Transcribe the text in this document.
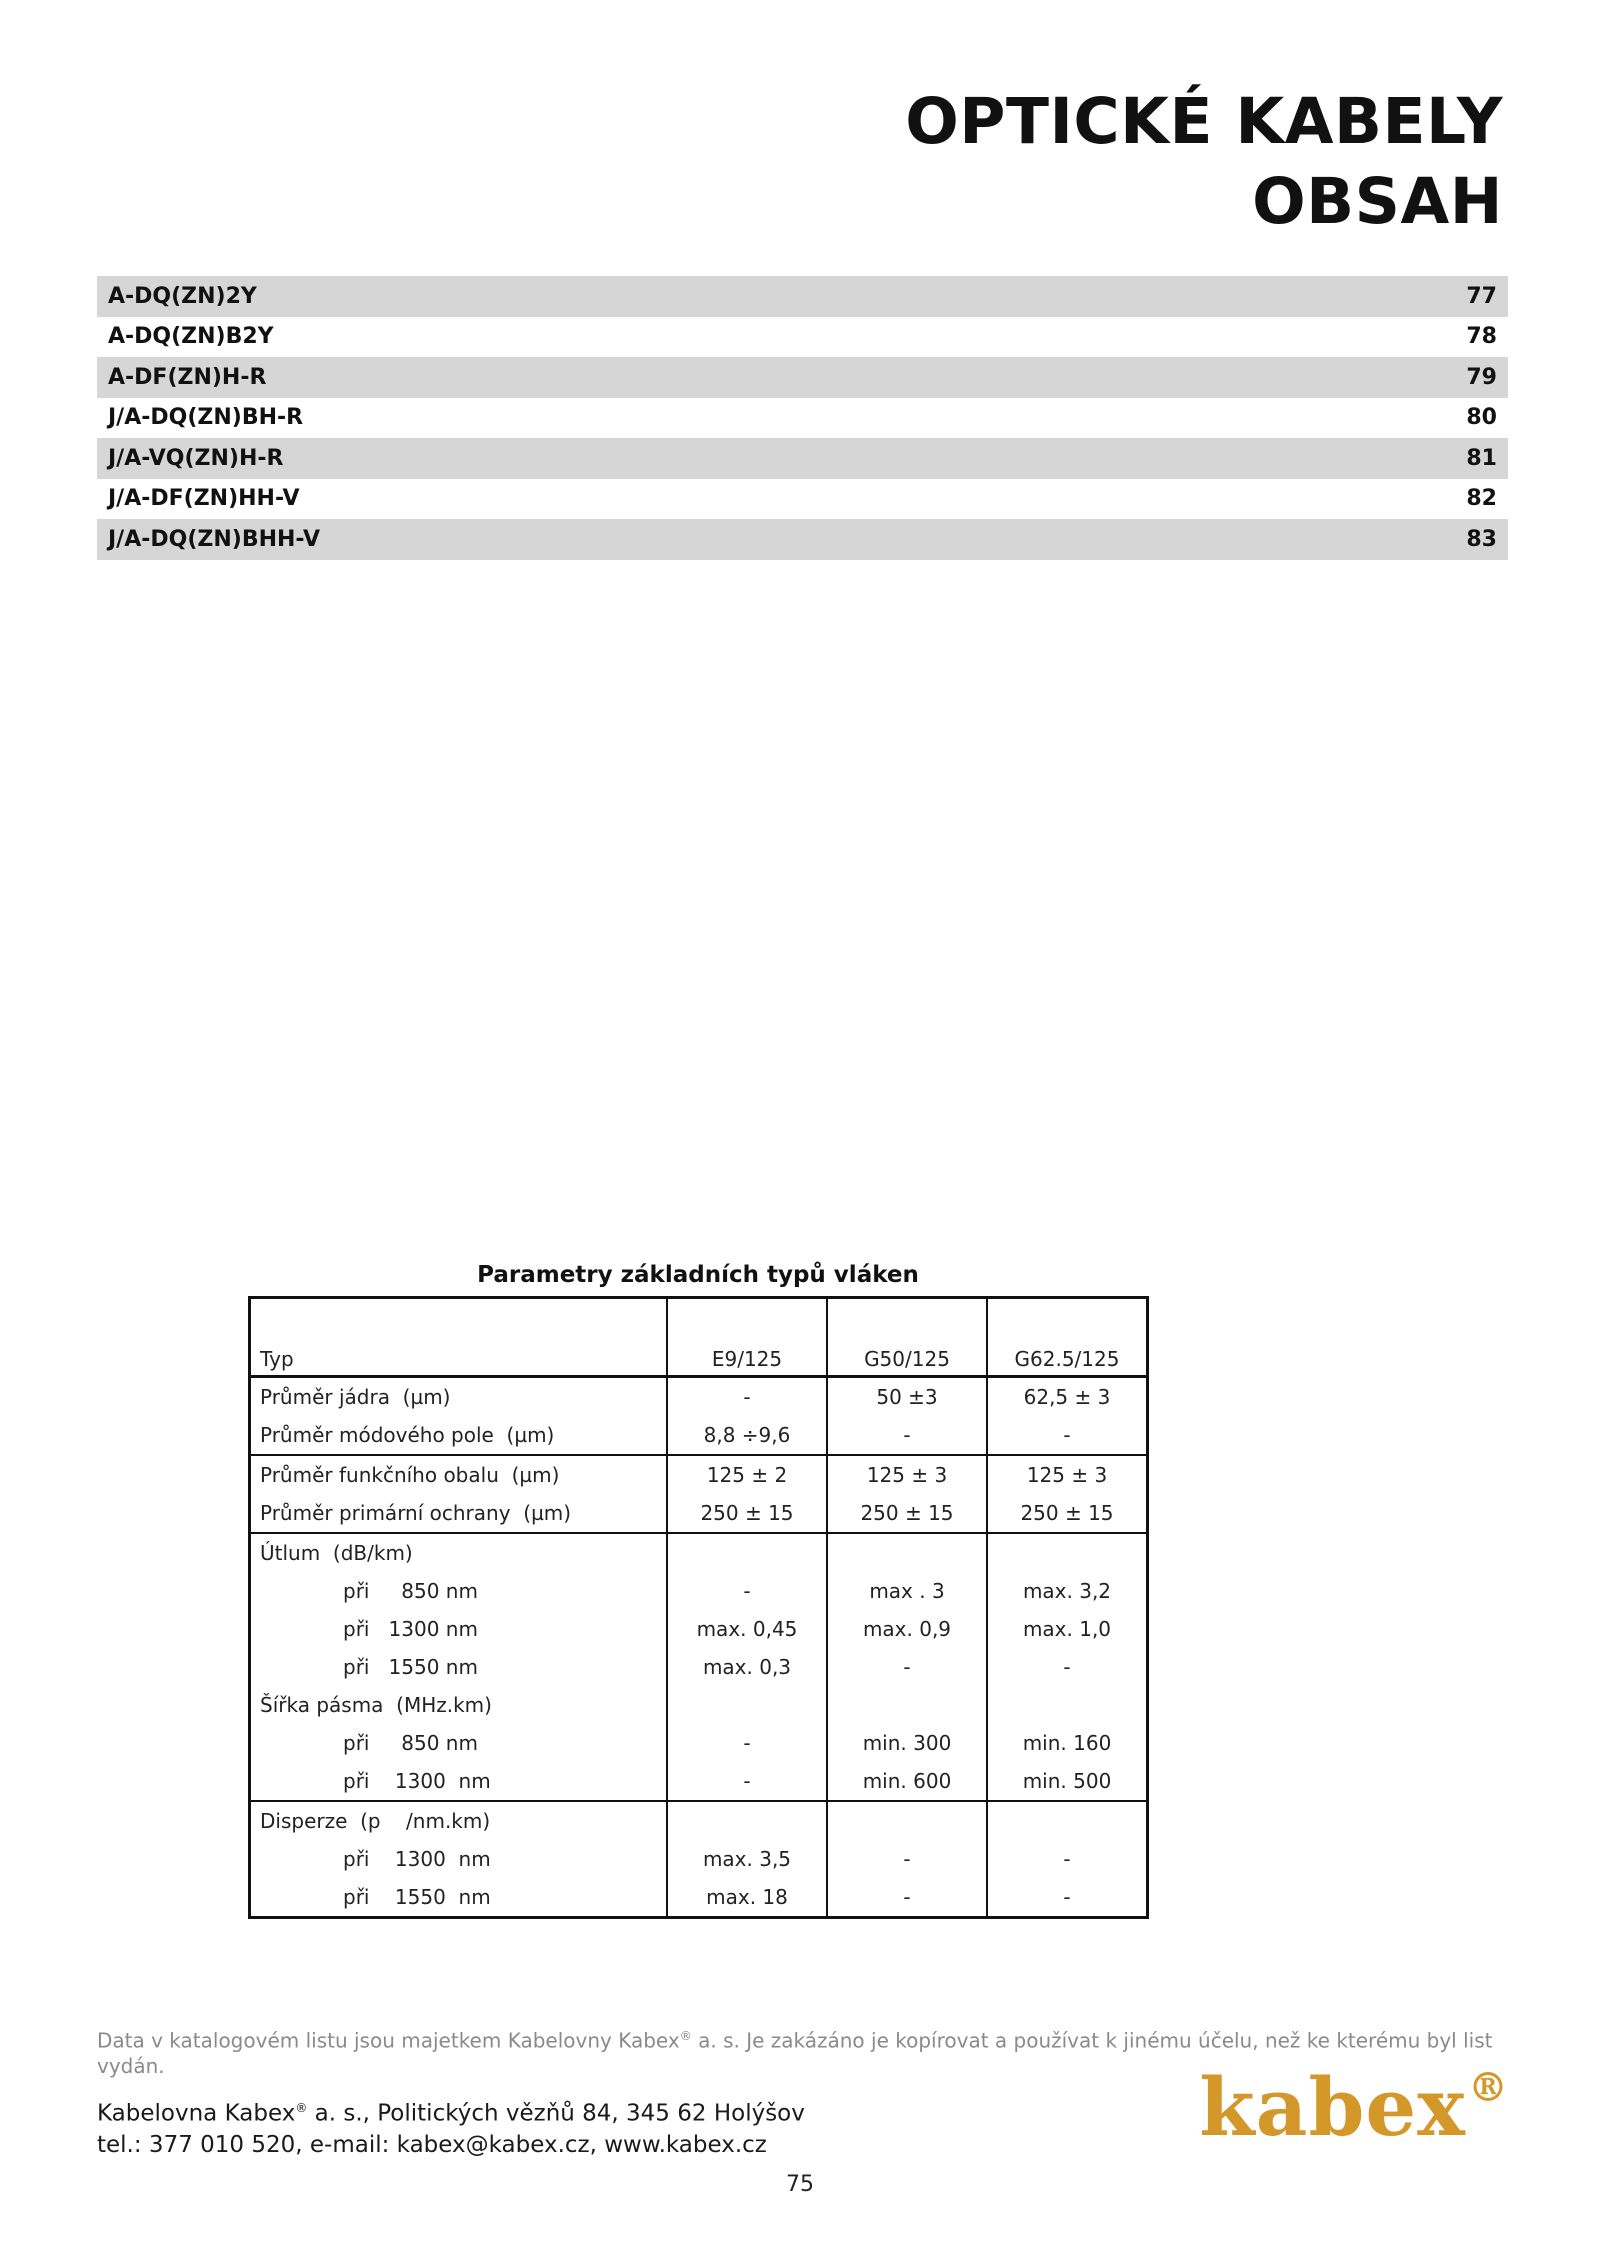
OPTICKÉ KABELY
OBSAH
A-DQ(ZN)2Y	77
A-DQ(ZN)B2Y	78
A-DF(ZN)H-R	79
J/A-DQ(ZN)BH-R	80
J/A-VQ(ZN)H-R	81
J/A-DF(ZN)HH-V	82
J/A-DQ(ZN)BHH-V	83
Parametry základních typů vláken
Typ	E9/125	G50/125	G62.5/125
Průměr jádra  (µm)	-	50 ±3	62,5 ± 3
Průměr módového pole  (µm)	8,8 ÷9,6	-	-
Průměr funkčního obalu  (µm)	125 ± 2	125 ± 3	125 ± 3
Průměr primární ochrany  (µm)	250 ± 15	250 ± 15	250 ± 15
Útlum  (dB/km)			
při     850 nm	-	max . 3	max. 3,2
při   1300 nm	max. 0,45	max. 0,9	max. 1,0
při   1550 nm	max. 0,3	-	-
Šířka pásma  (MHz.km)			
při     850 nm	-	min. 300	min. 160
při    1300  nm	-	min. 600	min. 500
Disperze  (p    /nm.km)			
při    1300  nm	max. 3,5	-	-
při    1550  nm	max. 18	-	-
Data v katalogovém listu jsou majetkem Kabelovny Kabex® a. s. Je zakázáno je kopírovat a používat k jinému účelu, než ke kterému byl list vydán.
Kabelovna Kabex® a. s., Politických vězňů 84, 345 62 Holýšov
tel.: 377 010 520, e-mail: kabex@kabex.cz, www.kabex.cz	kabex®
75
